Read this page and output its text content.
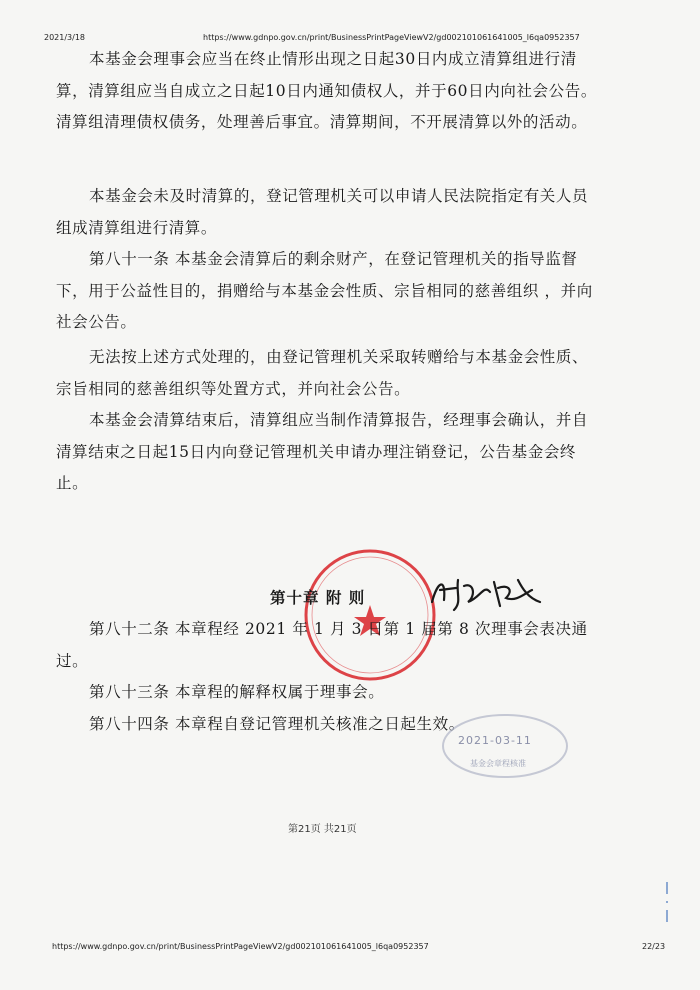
2021/3/18	https://www.gdnpo.gov.cn/print/BusinessPrintPageViewV2/gd002101061641005_l6qa0952357

本基金会理事会应当在终止情形出现之日起30日内成立清算组进行清算，清算组应当自成立之日起10日内通知债权人，并于60日内向社会公告。清算组清理债权债务，处理善后事宜。清算期间，不开展清算以外的活动。

本基金会未及时清算的，登记管理机关可以申请人民法院指定有关人员组成清算组进行清算。

第八十一条 本基金会清算后的剩余财产，在登记管理机关的指导监督下，用于公益性目的，捐赠给与本基金会性质、宗旨相同的慈善组织 ，并向社会公告。

无法按上述方式处理的，由登记管理机关采取转赠给与本基金会性质、宗旨相同的慈善组织等处置方式，并向社会公告。

本基金会清算结束后，清算组应当制作清算报告，经理事会确认，并自清算结束之日起15日内向登记管理机关申请办理注销登记，公告基金会终止。

第十章 附 则

第八十二条 本章程经 2021 年 1 月 3 日第 1 届第 8 次理事会表决通过。

第八十三条 本章程的解释权属于理事会。

第八十四条 本章程自登记管理机关核准之日起生效。

2021-03-11
基金会章程核准
第21页 共21页
https://www.gdnpo.gov.cn/print/BusinessPrintPageViewV2/gd002101061641005_l6qa0952357	22/23
